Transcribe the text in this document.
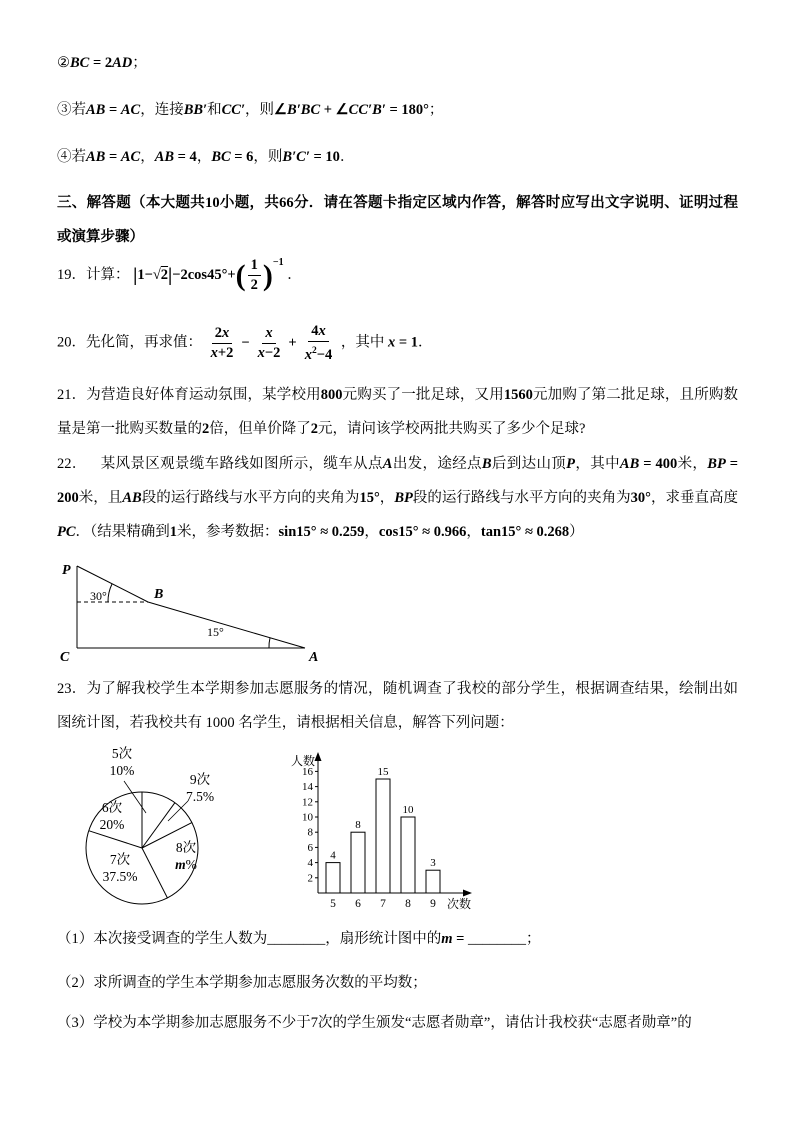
②BC = 2AD；

③若AB = AC，连接BB′和CC′，则∠B′BC + ∠CC′B′ = 180°；

④若AB = AC，AB = 4，BC = 6，则B′C′ = 10．

三、解答题（本大题共10小题，共66分．请在答题卡指定区域内作答，解答时应写出文字说明、证明过程或演算步骤）

19．计算： | 1− √ 2 | −2cos45°+ ( $\frac{1}{2}$ ) −1
．
20．先化简，再求值： $\frac{2x}{x+2} - \frac{x}{x-2} + \frac{4x}{x^2-4}$ ，其中 x = 1．

21．为营造良好体育运动氛围，某学校用800元购买了一批足球，又用1560元加购了第二批足球，且所购数量是第一批购买数量的2倍，但单价降了2元，请问该学校两批共购买了多少个足球?

22． 某风景区观景缆车路线如图所示，缆车从点A出发，途经点B后到达山顶P，其中AB = 400米，BP = 200米，且AB段的运行路线与水平方向的夹角为15°，BP段的运行路线与水平方向的夹角为30°，求垂直高度PC．（结果精确到1米，参考数据：sin15° ≈ 0.259，cos15° ≈ 0.966，tan15° ≈ 0.268）

P
B
C	A
30°
15°

23．为了解我校学生本学期参加志愿服务的情况，随机调查了我校的部分学生，根据调查结果，绘制出如图统计图，若我校共有 1000 名学生，请根据相关信息，解答下列问题：

5次
10%
9次
7.5%
6次
20%
7次
37.5%
8次
m%
2
4
6
8
10
12
14
16
4
5
8
6
15
7
10
8
3
9
人数
次数

（1）本次接受调查的学生人数为________，扇形统计图中的m = ________；

（2）求所调查的学生本学期参加志愿服务次数的平均数；

（3）学校为本学期参加志愿服务不少于7次的学生颁发“志愿者勋章”，请估计我校获“志愿者勋章”的
